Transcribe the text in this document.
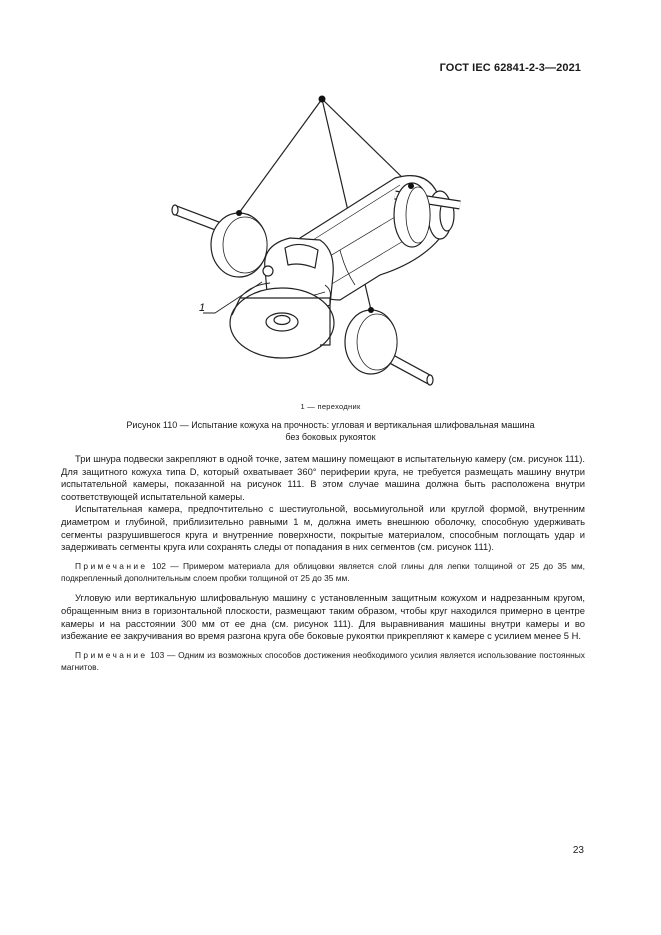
ГОСТ IEC 62841-2-3—2021
1
1 — переходник
Рисунок 110 — Испытание кожуха на прочность: угловая и вертикальная шлифовальная машина
без боковых рукояток

Три шнура подвески закрепляют в одной точке, затем машину помещают в испытательную камеру (см. рисунок 111). Для защитного кожуха типа D, который охватывает 360° периферии круга, не требуется размещать машину внутри испытательной камеры, показанной на рисунок 111. В этом случае машина должна быть расположена внутри соответствующей испытательной камеры.

Испытательная камера, предпочтительно с шестиугольной, восьмиугольной или круглой формой, внутренним диаметром и глубиной, приблизительно равными 1 м, должна иметь внешнюю оболочку, способную удерживать сегменты разрушившегося круга и внутренние поверхности, покрытые материалом, способным поглощать удар и задерживать сегменты круга или сохранять следы от попадания в них сегментов (см. рисунок 111).

Примечание 102 — Примером материала для облицовки является слой глины для лепки толщиной от 25 до 35 мм, подкрепленный дополнительным слоем пробки толщиной от 25 до 35 мм.

Угловую или вертикальную шлифовальную машину с установленным защитным кожухом и надрезанным кругом, обращенным вниз в горизонтальной плоскости, размещают таким образом, чтобы круг находился примерно в центре камеры и на расстоянии 300 мм от ее дна (см. рисунок 111). Для выравнивания машины внутри камеры и во избежание ее закручивания во время разгона круга обе боковые рукоятки прикрепляют к камере с усилием менее 5 Н.

Примечание 103 — Одним из возможных способов достижения необходимого усилия является использование постоянных магнитов.

23
